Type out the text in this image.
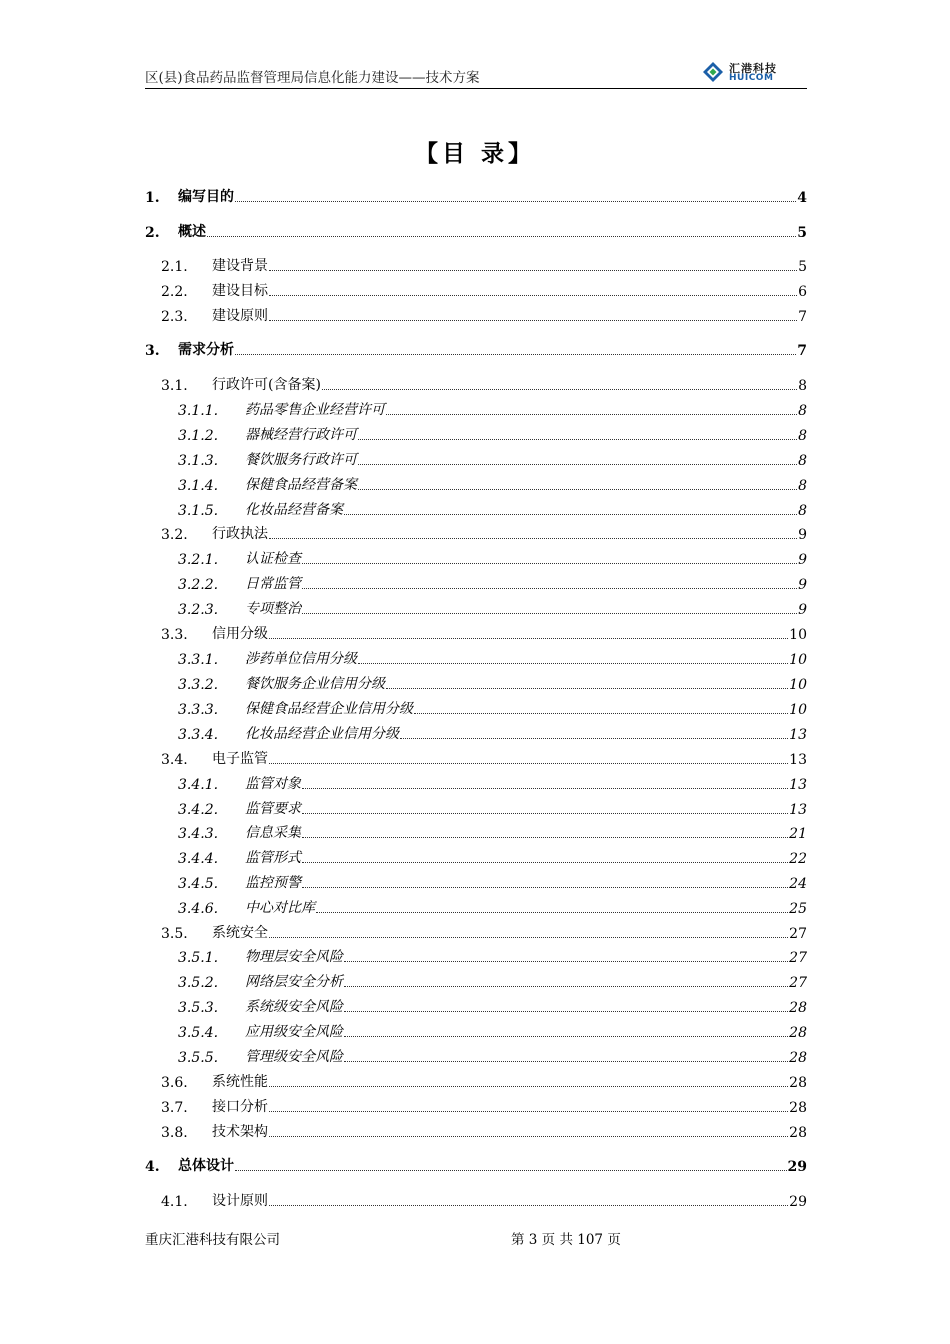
区(县)食品药品监督管理局信息化能力建设——技术方案
汇港科技
HUICOM
【目 录】
1. 编写目的	4
2. 概述	5
2.1. 建设背景	5
2.2. 建设目标	6
2.3. 建设原则	7
3. 需求分析	7
3.1. 行政许可(含备案)	8
3.1.1. 药品零售企业经营许可	8
3.1.2. 器械经营行政许可	8
3.1.3. 餐饮服务行政许可	8
3.1.4. 保健食品经营备案	8
3.1.5. 化妆品经营备案	8
3.2. 行政执法	9
3.2.1. 认证检查	9
3.2.2. 日常监管	9
3.2.3. 专项整治	9
3.3. 信用分级	10
3.3.1. 涉药单位信用分级	10
3.3.2. 餐饮服务企业信用分级	10
3.3.3. 保健食品经营企业信用分级	10
3.3.4. 化妆品经营企业信用分级	13
3.4. 电子监管	13
3.4.1. 监管对象	13
3.4.2. 监管要求	13
3.4.3. 信息采集	21
3.4.4. 监管形式	22
3.4.5. 监控预警	24
3.4.6. 中心对比库	25
3.5. 系统安全	27
3.5.1. 物理层安全风险	27
3.5.2. 网络层安全分析	27
3.5.3. 系统级安全风险	28
3.5.4. 应用级安全风险	28
3.5.5. 管理级安全风险	28
3.6. 系统性能	28
3.7. 接口分析	28
3.8. 技术架构	28
4. 总体设计	29
4.1. 设计原则	29
重庆汇港科技有限公司	第 3 页 共 107 页
